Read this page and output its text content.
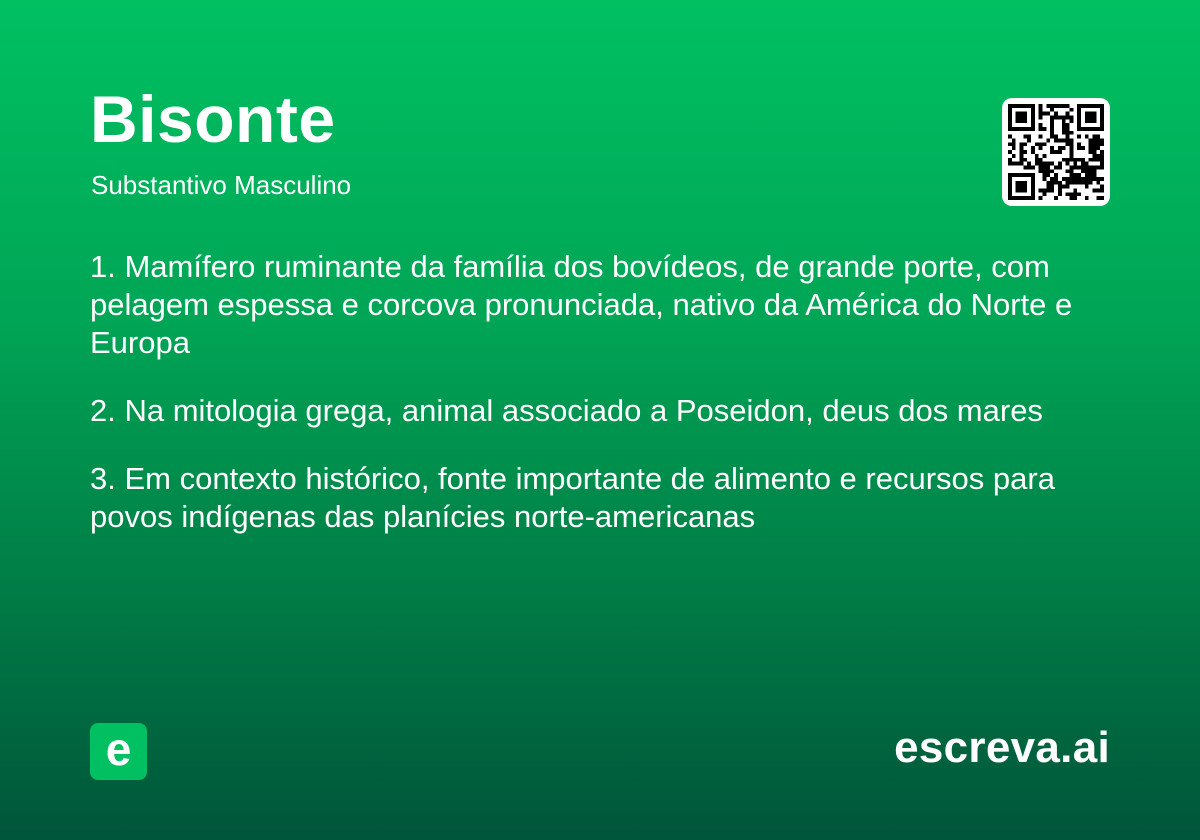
Bisonte
Substantivo Masculino
1. Mamífero ruminante da família dos bovídeos, de grande porte, com pelagem espessa e corcova pronunciada, nativo da América do Norte e Europa
2. Na mitologia grega, animal associado a Poseidon, deus dos mares
3. Em contexto histórico, fonte importante de alimento e recursos para povos indígenas das planícies norte-americanas
e	escreva.ai
